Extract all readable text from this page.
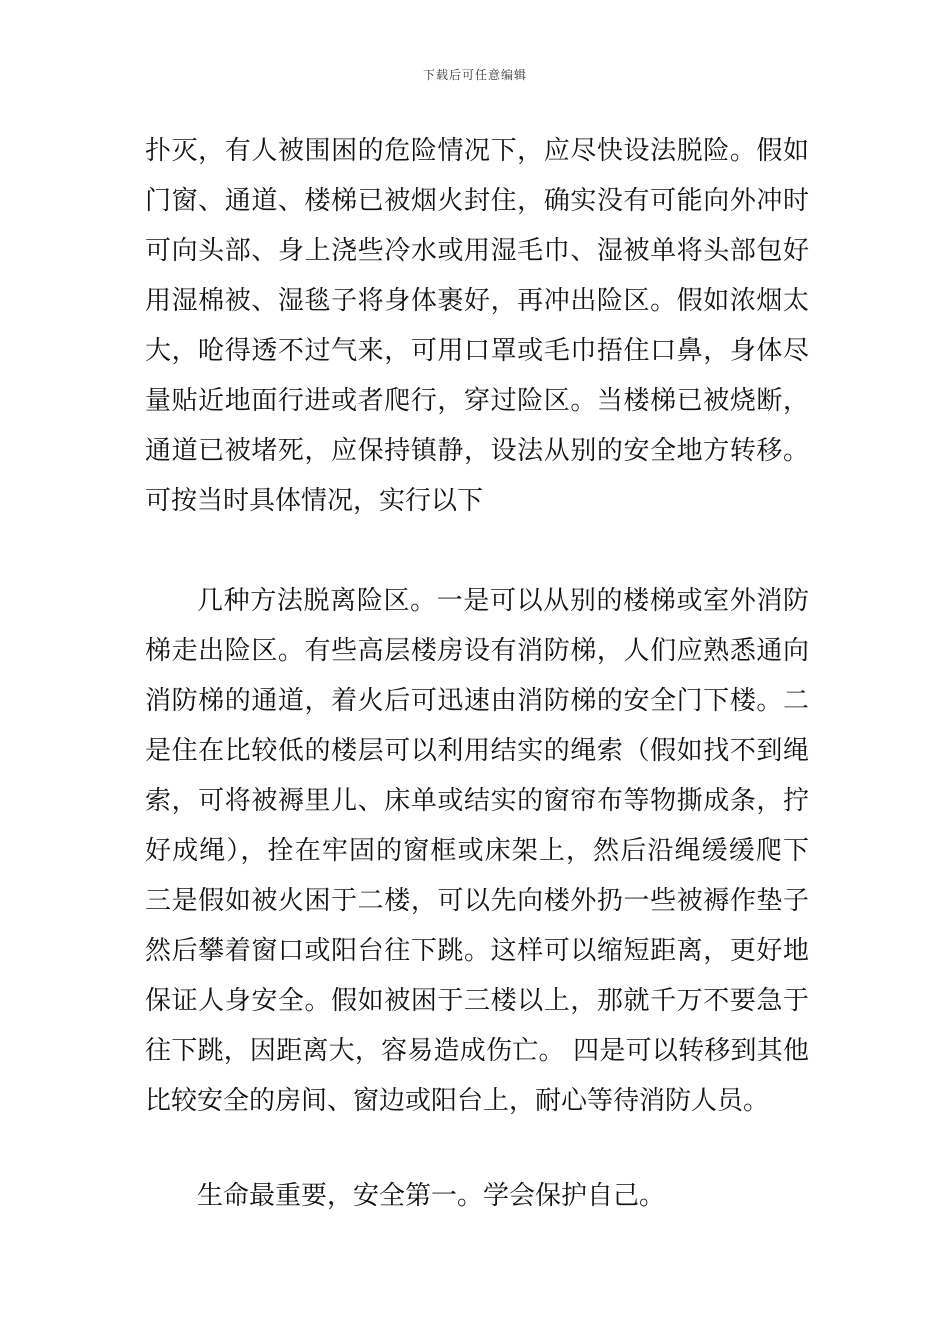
下载后可任意编辑
扑灭，有人被围困的危险情况下，应尽快设法脱险。假如
门窗、通道、楼梯已被烟火封住，确实没有可能向外冲时
可向头部、身上浇些冷水或用湿毛巾、湿被单将头部包好
用湿棉被、湿毯子将身体裹好，再冲出险区。假如浓烟太
大，呛得透不过气来，可用口罩或毛巾捂住口鼻，身体尽
量贴近地面行进或者爬行，穿过险区。当楼梯已被烧断，
通道已被堵死，应保持镇静，设法从别的安全地方转移。
可按当时具体情况，实行以下
几种方法脱离险区。一是可以从别的楼梯或室外消防
梯走出险区。有些高层楼房设有消防梯，人们应熟悉通向
消防梯的通道，着火后可迅速由消防梯的安全门下楼。二
是住在比较低的楼层可以利用结实的绳索（假如找不到绳
索，可将被褥里儿、床单或结实的窗帘布等物撕成条，拧
好成绳），拴在牢固的窗框或床架上，然后沿绳缓缓爬下
三是假如被火困于二楼，可以先向楼外扔一些被褥作垫子
然后攀着窗口或阳台往下跳。这样可以缩短距离，更好地
保证人身安全。假如被困于三楼以上，那就千万不要急于
往下跳，因距离大，容易造成伤亡。 四是可以转移到其他
比较安全的房间、窗边或阳台上，耐心等待消防人员。
生命最重要，安全第一。学会保护自己。
